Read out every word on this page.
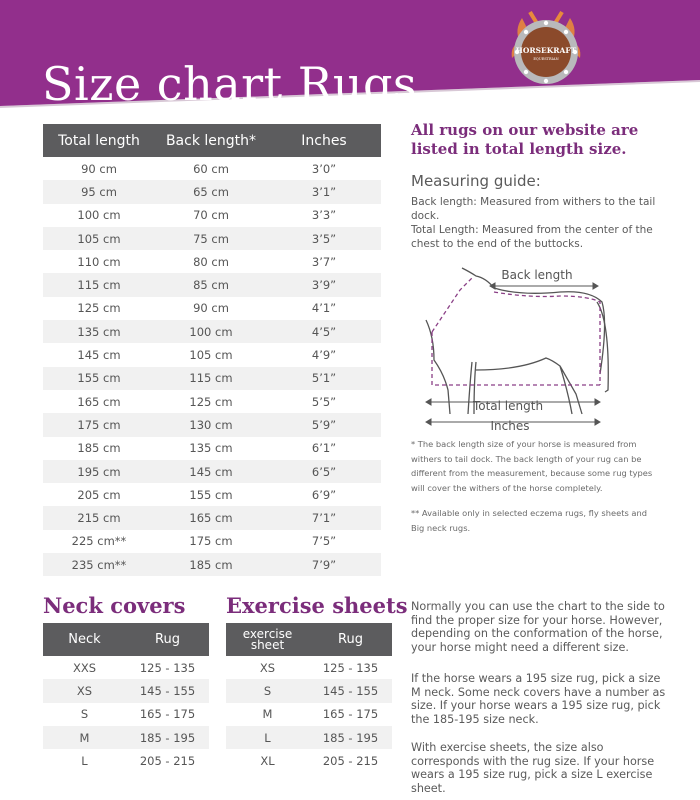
Size chart Rugs
HORSEKRAFT
EQUESTRIAN
Total length	Back length*	Inches
90 cm	60 cm	3’0”
95 cm	65 cm	3’1”
100 cm	70 cm	3’3”
105 cm	75 cm	3’5”
110 cm	80 cm	3’7”
115 cm	85 cm	3’9”
125 cm	90 cm	4’1”
135 cm	100 cm	4’5”
145 cm	105 cm	4’9”
155 cm	115 cm	5’1”
165 cm	125 cm	5’5”
175 cm	130 cm	5’9”
185 cm	135 cm	6’1”
195 cm	145 cm	6’5”
205 cm	155 cm	6’9”
215 cm	165 cm	7’1”
225 cm**	175 cm	7’5”
235 cm**	185 cm	7’9”
All rugs on our website are listed in total length size.
Measuring guide:
Back length: Measured from withers to the tail dock.
Total Length: Measured from the center of the chest to the end of the buttocks.
Back length
Total length
Inches
* The back length size of your horse is measured from withers to tail dock. The back length of your rug can be different from the measurement, because some rug types will cover the withers of the horse completely.
** Available only in selected eczema rugs, fly sheets and Big neck rugs.
Neck covers Exercise sheets
Neck	Rug
XXS	125 - 135
XS	145 - 155
S	165 - 175
M	185 - 195
L	205 - 215
exercise sheet	Rug
XS	125 - 135
S	145 - 155
M	165 - 175
L	185 - 195
XL	205 - 215

Normally you can use the chart to the side to find the proper size for your horse. However, depending on the conformation of the horse, your horse might need a different size.

If the horse wears a 195 size rug, pick a size M neck. Some neck covers have a number as size. If your horse wears a 195 size rug, pick the 185-195 size neck.

With exercise sheets, the size also corresponds with the rug size. If your horse wears a 195 size rug, pick a size L exercise sheet.
